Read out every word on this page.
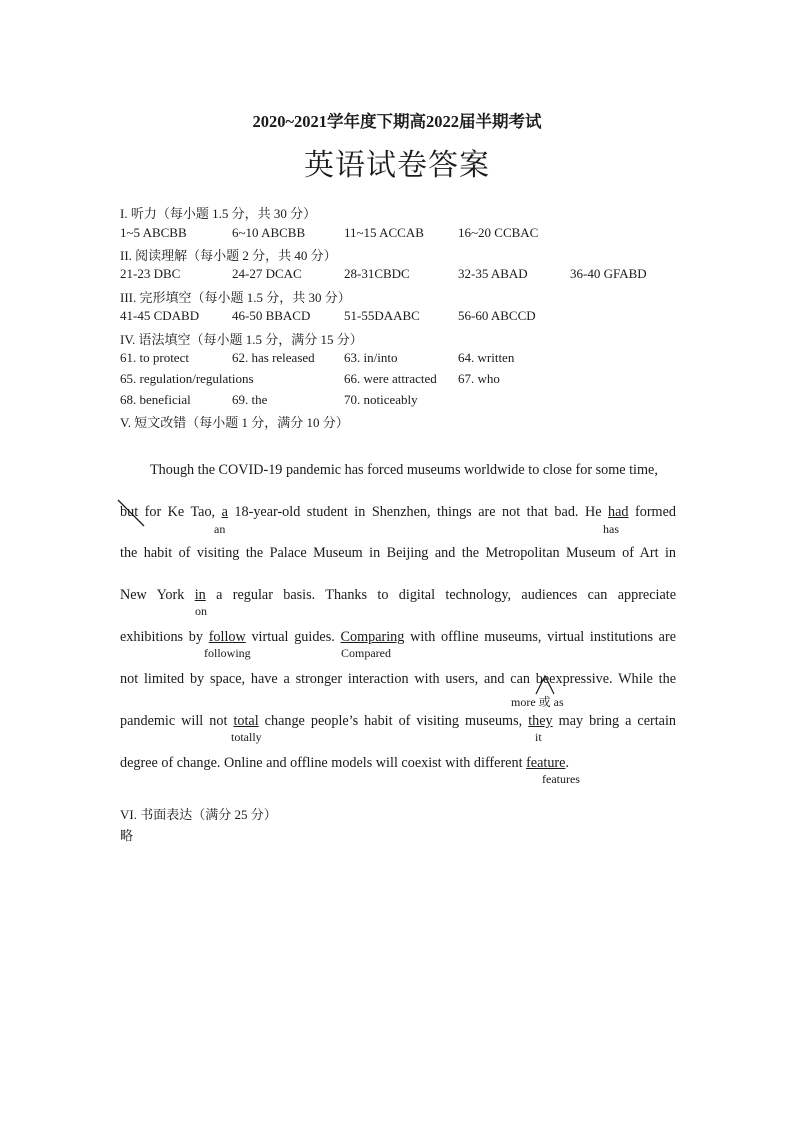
2020~2021学年度下期高2022届半期考试
英语试卷答案
I. 听力（每小题 1.5 分，共 30 分）
1~5 ABCBB	6~10 ABCBB	11~15 ACCAB	16~20 CCBAC
II. 阅读理解（每小题 2 分，共 40 分）
21-23 DBC	24-27 DCAC	28-31CBDC	32-35 ABAD	36-40 GFABD
III. 完形填空（每小题 1.5 分，共 30 分）
41-45 CDABD	46-50 BBACD	51-55DAABC	56-60 ABCCD
IV. 语法填空（每小题 1.5 分，满分 15 分）
61. to protect	62. has released 63. in/into	64. written
65. regulation/regulations	66. were attracted 67. who
68. beneficial	69. the	70. noticeably
V. 短文改错（每小题 1 分，满分 10 分）
Though the COVID-19 pandemic has forced museums worldwide to close for some time,
but for Ke Tao, a 18-year-old student in Shenzhen, things are not that bad. He had formed
an	has
the habit of visiting the Palace Museum in Beijing and the Metropolitan Museum of Art in
New York in a regular basis. Thanks to digital technology, audiences can appreciate
on
exhibitions by follow virtual guides. Comparing with offline museums, virtual institutions are
following	Compared
not limited by space, have a stronger interaction with users, and can beexpressive. While the
more 或 as
pandemic will not total change people’s habit of visiting museums, they may bring a certain
totally	it
degree of change. Online and offline models will coexist with different feature.
features
VI. 书面表达（满分 25 分）
略
